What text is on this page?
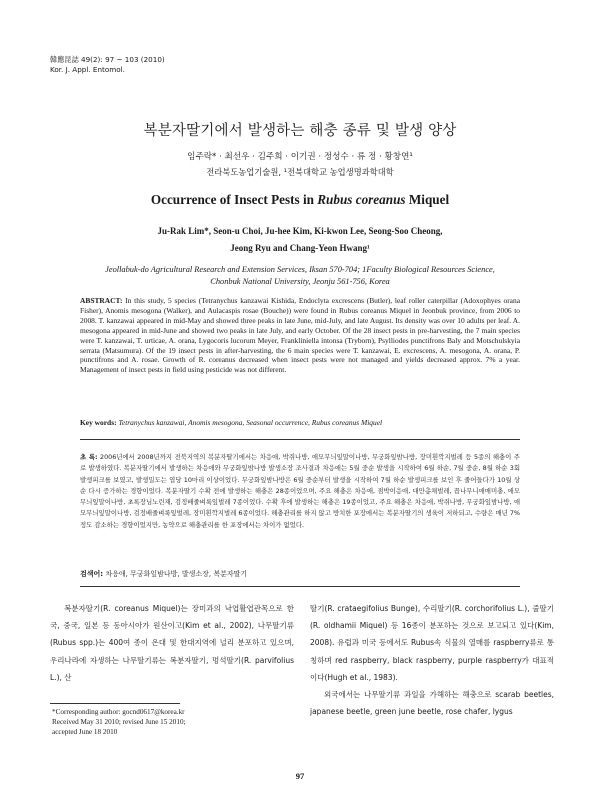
韓應昆誌 49(2): 97 ~ 103 (2010)
Kor. J. Appl. Entomol.
복분자딸기에서 발생하는 해충 종류 및 발생 양상
임주락* · 최선우 · 김주희 · 이기권 · 정성수 · 류 정 · 황창연¹
전라북도농업기술원, ¹전북대학교 농업생명과학대학
Occurrence of Insect Pests in Rubus coreanus Miquel
Ju-Rak Lim*, Seon-u Choi, Ju-hee Kim, Ki-kwon Lee, Seong-Soo Cheong,
Jeong Ryu and Chang-Yeon Hwang¹
Jeollabuk-do Agricultural Research and Extension Services, Iksan 570-704; 1Faculty Biological Resources Science,
Chonbuk National University, Jeonju 561-756, Korea
ABSTRACT: In this study, 5 species (Tetranychus kanzawai Kishida, Endoclyta excrescens (Butler), leaf roller caterpillar (Adoxophyes orana Fisher), Anomis mesogona (Walker), and Aulacaspis rosae (Bouche)) were found in Rubus coreanus Miquel in Jeonbuk province, from 2006 to 2008. T. kanzawai appeared in mid-May and showed three peaks in late June, mid-July, and late August. Its density was over 10 adults per leaf. A. mesogona appeared in mid-June and showed two peaks in late July, and early October. Of the 28 insect pests in pre-harvesting, the 7 main species were T. kanzawai, T. urticae, A. orana, Lygocoris lucorum Meyer, Frankliniella intonsa (Tryborn), Psylliodes punctifrons Baly and Motschulskyia serrata (Matsumura). Of the 19 insect pests in after-harvesting, the 6 main species were T. kanzawai, E. excrescens, A. mesogona, A. orana, P. punctifrons and A. rosae. Growth of R. coreanus decreased when insect pests were not managed and yields decreased approx. 7% a year. Management of insect pests in field using pesticide was not different.
Key words: Tetranychus kanzawai, Anomis mesogona, Seasonal occurrence, Rubus coreanus Miquel
초 록: 2006년에서 2008년까지 전북지역의 복분자딸기에서는 차응애, 박쥐나방, 애모무늬잎말이나방, 무궁화잎밤나방, 장미흰깍지벌레 등 5종의 해충이 주로 발생하였다. 복분자딸기에서 발생하는 차응애와 무궁화잎밤나방 발생소장 조사결과 차응애는 5월 중순 발생을 시작하여 6월 하순, 7월 중순, 8월 하순 3회 발생피크를 보였고, 발생밀도는 엽당 10마리 이상이었다. 무궁화잎밤나방은 6월 중순부터 발생을 시작하여 7월 하순 발생피크를 보인 후 줄어들다가 10월 상순 다시 증가하는 경향이었다. 복분자딸기 수확 전에 발생하는 해충은 28종이었으며, 주요 해충은 차응애, 점박이응애, 대만총채벌레, 꼽나무니애매미충, 애모무늬잎말이나방, 초록장님노린재, 검정배줄벼룩잎벌레 7종이었다. 수확 후에 발생하는 해충은 19종이었고, 주요 해충은 차응애, 박쥐나방, 무궁화잎밤나방, 애모무늬잎말이나방, 검정배줄벼룩잎벌레, 장미흰깍지벌레 6종이었다. 해충관리를 하지 않고 방치한 포장에서는 복분자딸기의 생육이 저하되고, 수량은 매년 7%정도 감소하는 경향이었지만, 농약으로 해충관리를 한 포장에서는 차이가 없었다.
검색어: 차응애, 무궁화잎밤나방, 발생소장, 복분자딸기
복분자딸기(R. coreanus Miquel)는 장미과의 낙엽활엽관목으로 한국, 중국, 일본 등 동아시아가 원산이고(Kim et al., 2002), 나무딸기류(Rubus spp.)는 400여 종이 온대 및 한대지역에 널리 분포하고 있으며, 우리나라에 자생하는 나무딸기류는 복분자딸기, 멍석딸기(R. parvifolius L.), 산
딸기(R. crataegifolius Bunge), 수리딸기(R. corchorifolius L.), 줄딸기(R. oldhamii Miquel) 등 16종이 분포하는 것으로 보고되고 있다(Kim, 2008). 유럽과 미국 등에서도 Rubus속 식물의 열매를 raspberry류로 통칭하며 red raspberry, black raspberry, purple raspberry가 대표적이다(Hugh et al., 1983).
외국에서는 나무딸기류 과일을 가해하는 해충으로 scarab beetles, japanese beetle, green june beetle, rose chafer, lygus
*Corresponding author: gocnd0617@korea.kr
Received May 31 2010; revised June 15 2010;
accepted June 18 2010
97
